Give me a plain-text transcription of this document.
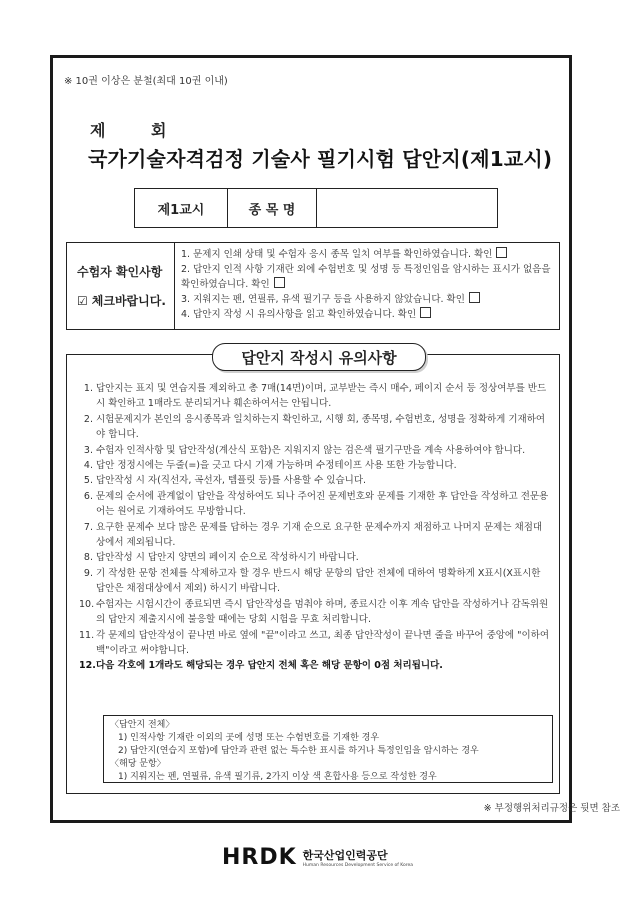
※ 10권 이상은 분철(최대 10권 이내)
제 회
국가기술자격검정 기술사 필기시험 답안지(제1교시)
제1교시	종 목 명
수험자 확인사항
☑ 체크바랍니다.
1. 문제지 인쇄 상태 및 수험자 응시 종목 일치 여부를 확인하였습니다. 확인
2. 답안지 인적 사항 기재란 외에 수험번호 및 성명 등 특정인임을 암시하는 표시가 없음을 확인하였습니다. 확인
3. 지워지는 펜, 연필류, 유색 필기구 등을 사용하지 않았습니다. 확인
4. 답안지 작성 시 유의사항을 읽고 확인하였습니다. 확인
답안지 작성시 유의사항
1. 답안지는 표지 및 연습지를 제외하고 총 7매(14면)이며, 교부받는 즉시 매수, 페이지 순서 등 정상여부를 반드시 확인하고 1매라도 분리되거나 훼손하여서는 안됩니다.
2. 시험문제지가 본인의 응시종목과 일치하는지 확인하고, 시행 회, 종목명, 수험번호, 성명을 정확하게 기재하여야 합니다.
3. 수험자 인적사항 및 답안작성(계산식 포함)은 지워지지 않는 검은색 필기구만을 계속 사용하여야 합니다.
4. 답안 정정시에는 두줄(=)을 긋고 다시 기재 가능하며 수정테이프 사용 또한 가능합니다.
5. 답안작성 시 자(직선자, 곡선자, 템플릿 등)를 사용할 수 있습니다.
6. 문제의 순서에 관계없이 답안을 작성하여도 되나 주어진 문제번호와 문제를 기재한 후 답안을 작성하고 전문용어는 원어로 기재하여도 무방합니다.
7. 요구한 문제수 보다 많은 문제를 답하는 경우 기재 순으로 요구한 문제수까지 채점하고 나머지 문제는 채점대상에서 제외됩니다.
8. 답안작성 시 답안지 양면의 페이지 순으로 작성하시기 바랍니다.
9. 기 작성한 문항 전체를 삭제하고자 할 경우 반드시 해당 문항의 답안 전체에 대하여 명확하게 X표시(X표시한 답안은 채점대상에서 제외) 하시기 바랍니다.
10. 수험자는 시험시간이 종료되면 즉시 답안작성을 멈춰야 하며, 종료시간 이후 계속 답안을 작성하거나 감독위원의 답안지 제출지시에 불응할 때에는 당회 시험을 무효 처리합니다.
11. 각 문제의 답안작성이 끝나면 바로 옆에 "끝"이라고 쓰고, 최종 답안작성이 끝나면 줄을 바꾸어 중앙에 "이하여백"이라고 써야합니다.
12. 다음 각호에 1개라도 해당되는 경우 답안지 전체 혹은 해당 문항이 0점 처리됩니다.
〈답안지 전체〉
1) 인적사항 기재란 이외의 곳에 성명 또는 수험번호를 기재한 경우
2) 답안지(연습지 포함)에 답안과 관련 없는 특수한 표시를 하거나 특정인임을 암시하는 경우
〈해당 문항〉
1) 지워지는 펜, 연필류, 유색 필기류, 2가지 이상 색 혼합사용 등으로 작성한 경우
※ 부정행위처리규정은 뒷면 참조
HRDK 한국산업인력공단
Human Resources Development Service of Korea
